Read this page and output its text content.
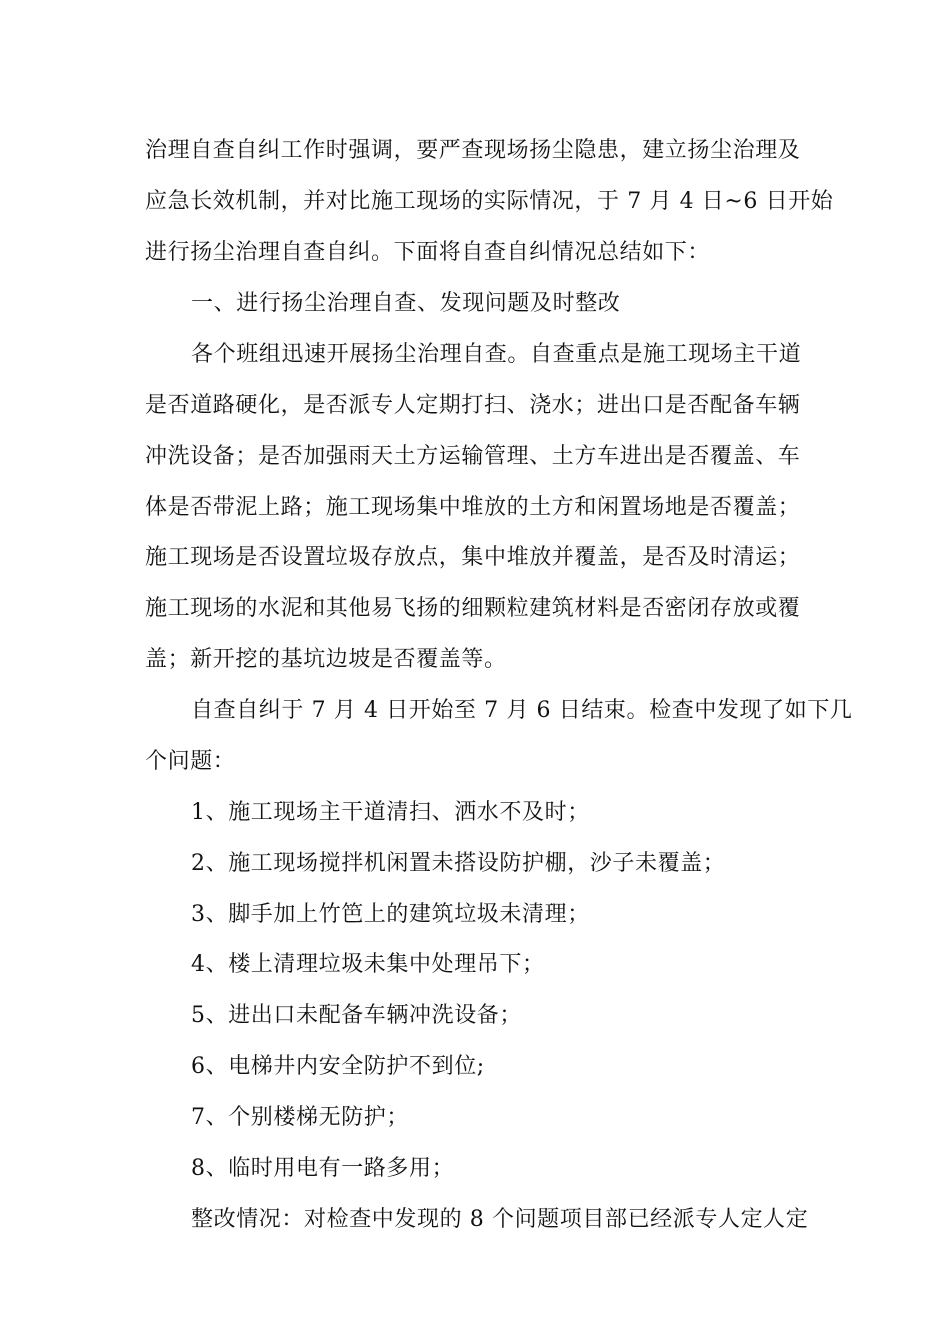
治理自查自纠工作时强调，要严查现场扬尘隐患，建立扬尘治理及
应急长效机制，并对比施工现场的实际情况，于 7 月 4 日~6 日开始
进行扬尘治理自查自纠。下面将自查自纠情况总结如下：
一、进行扬尘治理自查、发现问题及时整改
各个班组迅速开展扬尘治理自查。自查重点是施工现场主干道
是否道路硬化，是否派专人定期打扫、浇水；进出口是否配备车辆
冲洗设备；是否加强雨天土方运输管理、土方车进出是否覆盖、车
体是否带泥上路；施工现场集中堆放的土方和闲置场地是否覆盖；
施工现场是否设置垃圾存放点，集中堆放并覆盖，是否及时清运；
施工现场的水泥和其他易飞扬的细颗粒建筑材料是否密闭存放或覆
盖；新开挖的基坑边坡是否覆盖等。
自查自纠于 7 月 4 日开始至 7 月 6 日结束。检查中发现了如下几
个问题：
1、施工现场主干道清扫、洒水不及时；
2、施工现场搅拌机闲置未搭设防护棚，沙子未覆盖；
3、脚手加上竹笆上的建筑垃圾未清理；
4、楼上清理垃圾未集中处理吊下；
5、进出口未配备车辆冲洗设备；
6、电梯井内安全防护不到位;
7、个别楼梯无防护；
8、临时用电有一路多用；
整改情况：对检查中发现的 8 个问题项目部已经派专人定人定
